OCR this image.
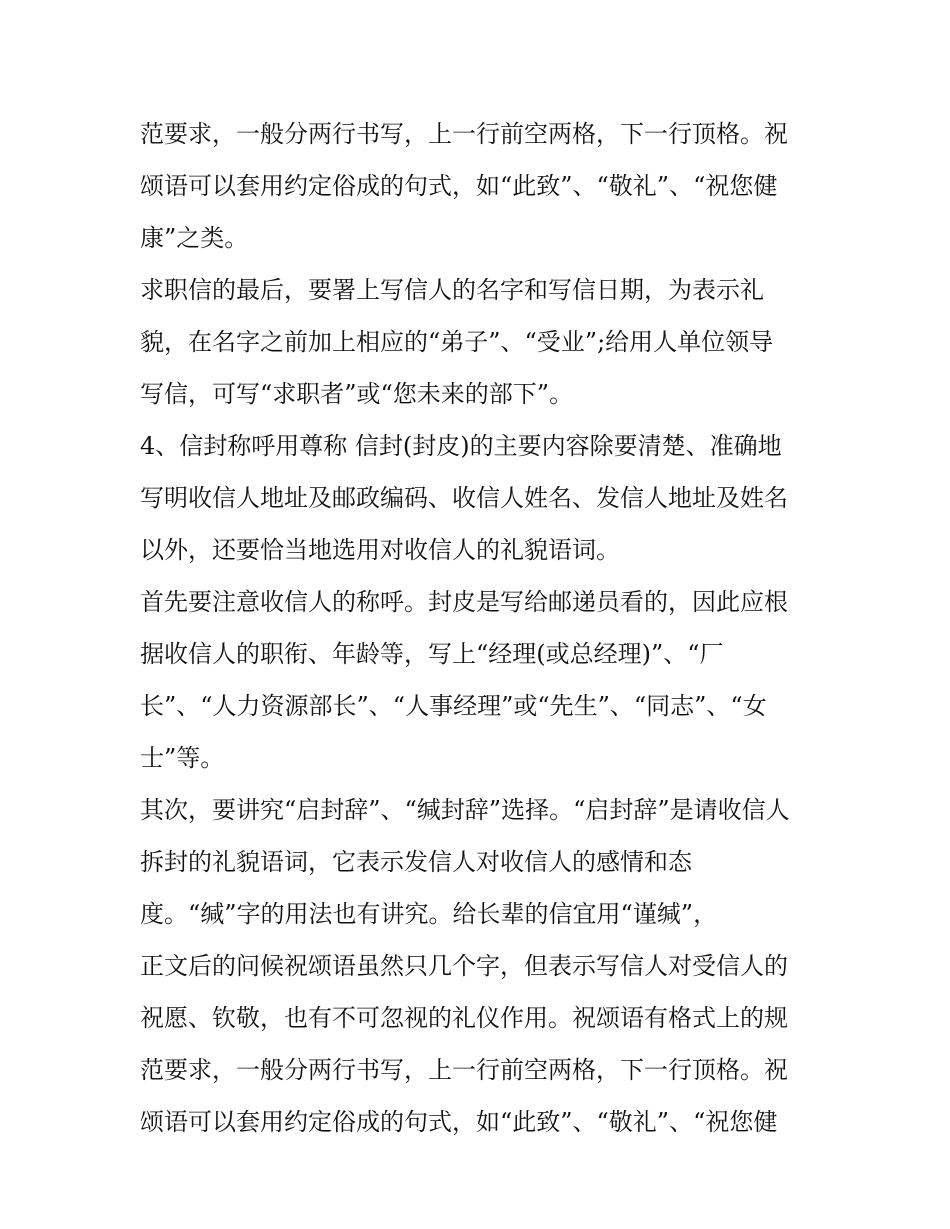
范要求，一般分两行书写，上一行前空两格，下一行顶格。祝
颂语可以套用约定俗成的句式，如“此致”、“敬礼”、“祝您健
康”之类。
求职信的最后，要署上写信人的名字和写信日期，为表示礼
貌，在名字之前加上相应的“弟子”、“受业”;给用人单位领导
写信，可写“求职者”或“您未来的部下”。
4、信封称呼用尊称 信封(封皮)的主要内容除要清楚、准确地
写明收信人地址及邮政编码、收信人姓名、发信人地址及姓名
以外，还要恰当地选用对收信人的礼貌语词。
首先要注意收信人的称呼。封皮是写给邮递员看的，因此应根
据收信人的职衔、年龄等，写上“经理(或总经理)”、“厂
长”、“人力资源部长”、“人事经理”或“先生”、“同志”、“女
士”等。
其次，要讲究“启封辞”、“缄封辞”选择。“启封辞”是请收信人
拆封的礼貌语词，它表示发信人对收信人的感情和态
度。“缄”字的用法也有讲究。给长辈的信宜用“谨缄”，
正文后的问候祝颂语虽然只几个字，但表示写信人对受信人的
祝愿、钦敬，也有不可忽视的礼仪作用。祝颂语有格式上的规
范要求，一般分两行书写，上一行前空两格，下一行顶格。祝
颂语可以套用约定俗成的句式，如“此致”、“敬礼”、“祝您健
